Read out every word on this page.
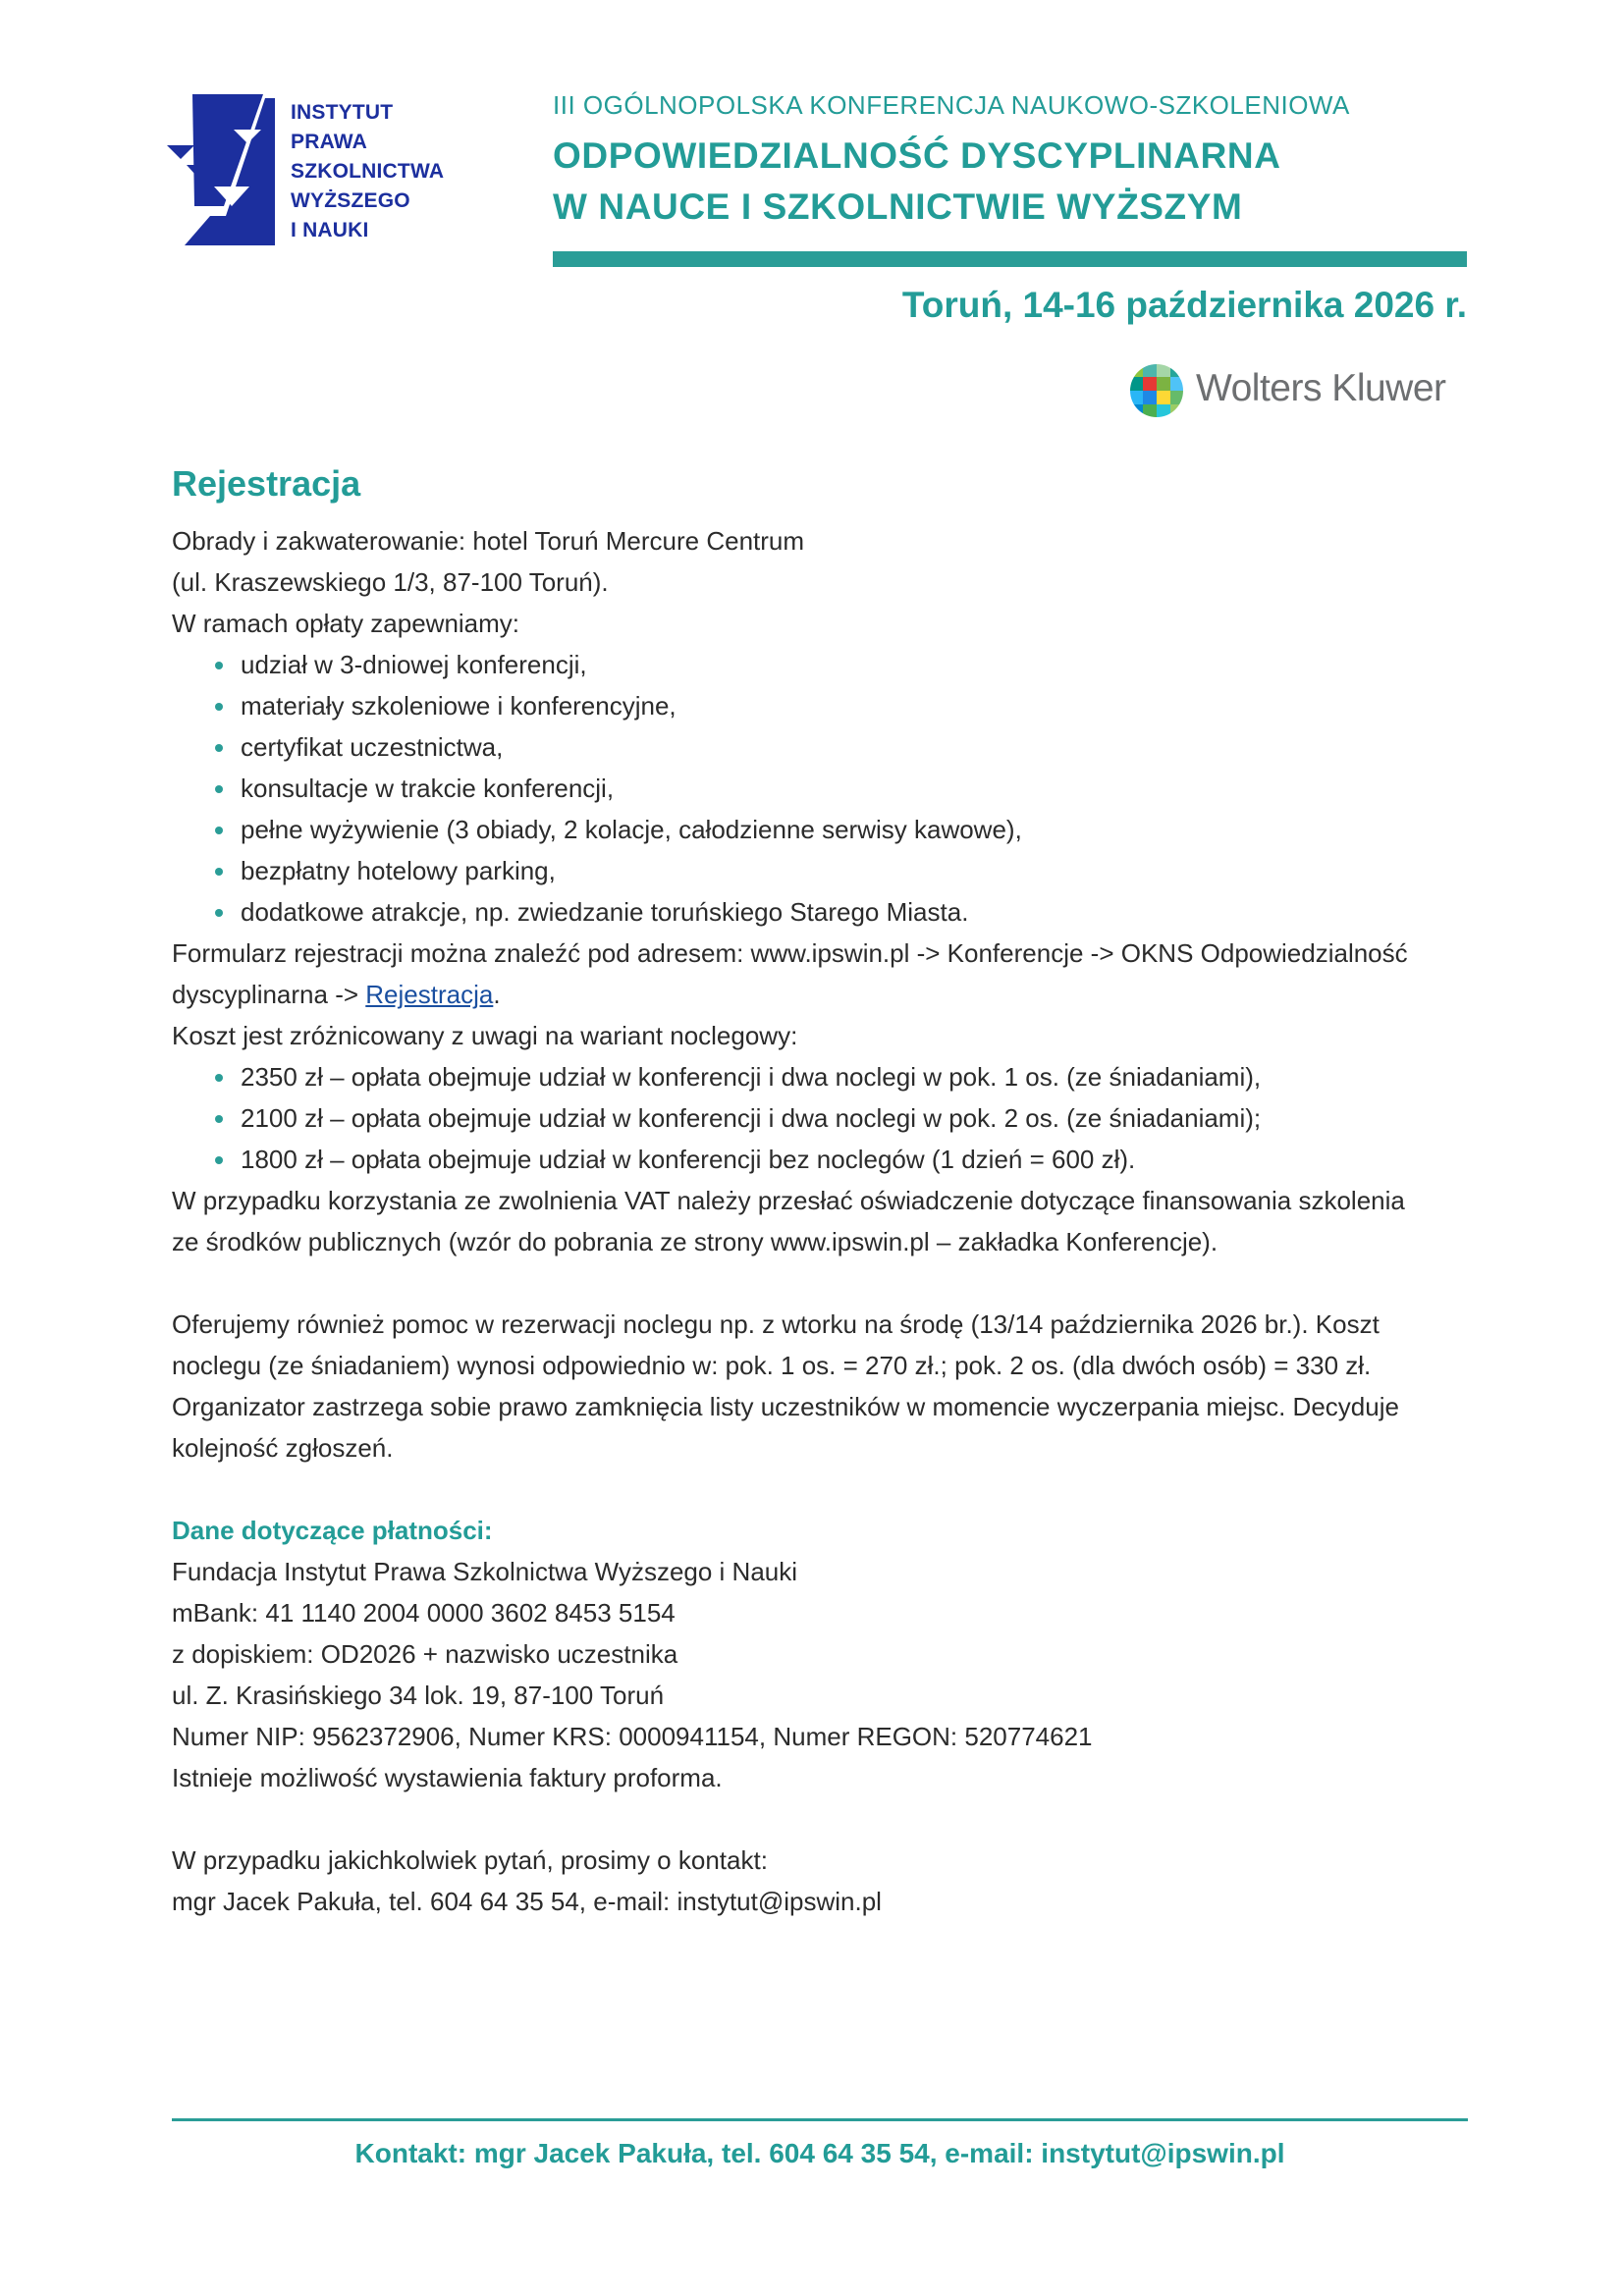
INSTYTUT
PRAWA
SZKOLNICTWA
WYŻSZEGO
I NAUKI
III OGÓLNOPOLSKA KONFERENCJA NAUKOWO-SZKOLENIOWA
ODPOWIEDZIALNOŚĆ DYSCYPLINARNA
W NAUCE I SZKOLNICTWIE WYŻSZYM
Toruń, 14-16 października 2026 r.
Wolters Kluwer
Rejestracja

Obrady i zakwaterowanie: hotel Toruń Mercure Centrum

(ul. Kraszewskiego 1/3, 87-100 Toruń).

W ramach opłaty zapewniamy:

udział w 3-dniowej konferencji,
materiały szkoleniowe i konferencyjne,
certyfikat uczestnictwa,
konsultacje w trakcie konferencji,
pełne wyżywienie (3 obiady, 2 kolacje, całodzienne serwisy kawowe),
bezpłatny hotelowy parking,
dodatkowe atrakcje, np. zwiedzanie toruńskiego Starego Miasta.

Formularz rejestracji można znaleźć pod adresem: www.ipswin.pl -> Konferencje -> OKNS Odpowiedzialność

dyscyplinarna -> Rejestracja.

Koszt jest zróżnicowany z uwagi na wariant noclegowy:

2350 zł – opłata obejmuje udział w konferencji i dwa noclegi w pok. 1 os. (ze śniadaniami),
2100 zł – opłata obejmuje udział w konferencji i dwa noclegi w pok. 2 os. (ze śniadaniami);
1800 zł – opłata obejmuje udział w konferencji bez noclegów (1 dzień = 600 zł).

W przypadku korzystania ze zwolnienia VAT należy przesłać oświadczenie dotyczące finansowania szkolenia

ze środków publicznych (wzór do pobrania ze strony www.ipswin.pl – zakładka Konferencje).

Oferujemy również pomoc w rezerwacji noclegu np. z wtorku na środę (13/14 października 2026 br.). Koszt

noclegu (ze śniadaniem) wynosi odpowiednio w: pok. 1 os. = 270 zł.; pok. 2 os. (dla dwóch osób) = 330 zł.

Organizator zastrzega sobie prawo zamknięcia listy uczestników w momencie wyczerpania miejsc. Decyduje

kolejność zgłoszeń.

Dane dotyczące płatności:

Fundacja Instytut Prawa Szkolnictwa Wyższego i Nauki

mBank: 41 1140 2004 0000 3602 8453 5154

z dopiskiem: OD2026 + nazwisko uczestnika

ul. Z. Krasińskiego 34 lok. 19, 87-100 Toruń

Numer NIP: 9562372906, Numer KRS: 0000941154, Numer REGON: 520774621

Istnieje możliwość wystawienia faktury proforma.

W przypadku jakichkolwiek pytań, prosimy o kontakt:

mgr Jacek Pakuła, tel. 604 64 35 54, e-mail: instytut@ipswin.pl

Kontakt: mgr Jacek Pakuła, tel. 604 64 35 54, e-mail: instytut@ipswin.pl
